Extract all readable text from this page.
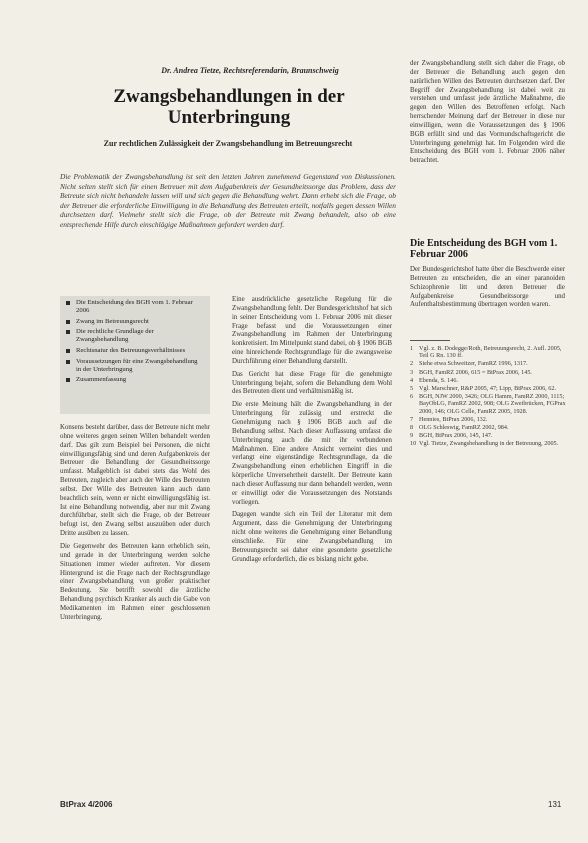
Dr. Andrea Tietze, Rechtsreferendarin, Braunschweig
Zwangsbehandlungen in der Unterbringung
Zur rechtlichen Zulässigkeit der Zwangsbehandlung im Betreuungsrecht
Die Problematik der Zwangsbehandlung ist seit den letzten Jahren zunehmend Gegenstand von Diskussionen. Nicht selten stellt sich für einen Betreuer mit dem Aufgabenkreis der Gesundheitssorge das Problem, dass der Betreute sich nicht behandeln lassen will und sich gegen die Behandlung wehrt. Dann erhebt sich die Frage, ob der Betreuer die erforderliche Einwilligung in die Behandlung des Betreuten erteilt, notfalls gegen dessen Willen durchsetzen darf. Vielmehr stellt sich die Frage, ob der Betreute mit Zwang behandelt, also ob eine entsprechende Hilfe durch einschlägige Maßnahmen gefordert werden darf.
Die Entscheidung des BGH vom 1. Februar 2006
Zwang im Betreuungsrecht
Die rechtliche Grundlage der Zwangsbehandlung
Rechtsnatur des Betreuungsverhältnisses
Voraussetzungen für eine Zwangsbehandlung in der Unterbringung
Zusammenfassung

Konsens besteht darüber, dass der Betreute nicht mehr ohne weiteres gegen seinen Willen behandelt werden darf. Das gilt zum Beispiel bei Personen, die nicht einwilligungsfähig sind und deren Aufgabenkreis der Betreuer die Behandlung der Gesundheitssorge umfasst. Maßgeblich ist dabei stets das Wohl des Betreuten, zugleich aber auch der Wille des Betreuten selbst. Der Wille des Betreuten kann auch dann beachtlich sein, wenn er nicht einwilligungsfähig ist. Ist eine Behandlung notwendig, aber nur mit Zwang durchführbar, stellt sich die Frage, ob der Betreuer befugt ist, den Zwang selbst auszuüben oder durch Dritte ausüben zu lassen.

Die Gegenwehr des Betreuten kann erheblich sein, und gerade in der Unterbringung werden solche Situationen immer wieder auftreten. Vor diesem Hintergrund ist die Frage nach der Rechtsgrundlage einer Zwangsbehandlung von großer praktischer Bedeutung. Sie betrifft sowohl die ärztliche Behandlung psychisch Kranker als auch die Gabe von Medikamenten im Rahmen einer geschlossenen Unterbringung.

Eine ausdrückliche gesetzliche Regelung für die Zwangsbehandlung fehlt. Der Bundesgerichtshof hat sich in seiner Entscheidung vom 1. Februar 2006 mit dieser Frage befasst und die Voraussetzungen einer Zwangsbehandlung im Rahmen der Unterbringung konkretisiert. Im Mittelpunkt stand dabei, ob § 1906 BGB eine hinreichende Rechtsgrundlage für die zwangsweise Durchführung einer Behandlung darstellt.

Das Gericht hat diese Frage für die genehmigte Unterbringung bejaht, sofern die Behandlung dem Wohl des Betreuten dient und verhältnismäßig ist.

Die erste Meinung hält die Zwangsbehandlung in der Unterbringung für zulässig und erstreckt die Genehmigung nach § 1906 BGB auch auf die Behandlung selbst. Nach dieser Auffassung umfasst die Unterbringung auch die mit ihr verbundenen Maßnahmen. Eine andere Ansicht verneint dies und verlangt eine eigenständige Rechtsgrundlage, da die Zwangsbehandlung einen erheblichen Eingriff in die körperliche Unversehrtheit darstellt. Der Betreute kann nach dieser Auffassung nur dann behandelt werden, wenn er einwilligt oder die Voraussetzungen des Notstands vorliegen.

Dagegen wandte sich ein Teil der Literatur mit dem Argument, dass die Genehmigung der Unterbringung nicht ohne weiteres die Genehmigung einer Behandlung einschließe. Für eine Zwangsbehandlung im Betreuungsrecht sei daher eine gesonderte gesetzliche Grundlage erforderlich, die es bislang nicht gebe.

der Zwangsbehandlung stellt sich daher die Frage, ob der Betreuer die Behandlung auch gegen den natürlichen Willen des Betreuten durchsetzen darf. Der Begriff der Zwangsbehandlung ist dabei weit zu verstehen und umfasst jede ärztliche Maßnahme, die gegen den Willen des Betroffenen erfolgt. Nach herrschender Meinung darf der Betreuer in diese nur einwilligen, wenn die Voraussetzungen des § 1906 BGB erfüllt sind und das Vormundschaftsgericht die Unterbringung genehmigt hat. Im Folgenden wird die Entscheidung des BGH vom 1. Februar 2006 näher betrachtet.

Die Entscheidung des BGH vom 1. Februar 2006

Der Bundesgerichtshof hatte über die Beschwerde einer Betreuten zu entscheiden, die an einer paranoiden Schizophrenie litt und deren Betreuer die Aufgabenkreise Gesundheitssorge und Aufenthaltsbestimmung übertragen worden waren.

1 Vgl. z. B. Dodegge/Roth, Betreuungsrecht, 2. Aufl. 2005, Teil G Rn. 130 ff.
2 Siehe etwa Schweitzer, FamRZ 1996, 1317.
3 BGH, FamRZ 2006, 615 = BtPrax 2006, 145.
4 Ebenda, S. 146.
5 Vgl. Marschner, R&P 2005, 47; Lipp, BtPrax 2006, 62.
6 BGH, NJW 2000, 3426; OLG Hamm, FamRZ 2000, 1115; BayObLG, FamRZ 2002, 908; OLG Zweibrücken, FGPrax 2000, 146; OLG Celle, FamRZ 2005, 1928.
7 Hennies, BtPrax 2006, 132.
8 OLG Schleswig, FamRZ 2002, 984.
9 BGH, BtPrax 2006, 145, 147.
10 Vgl. Tietze, Zwangsbehandlung in der Betreuung, 2005.
BtPrax 4/2006	131
